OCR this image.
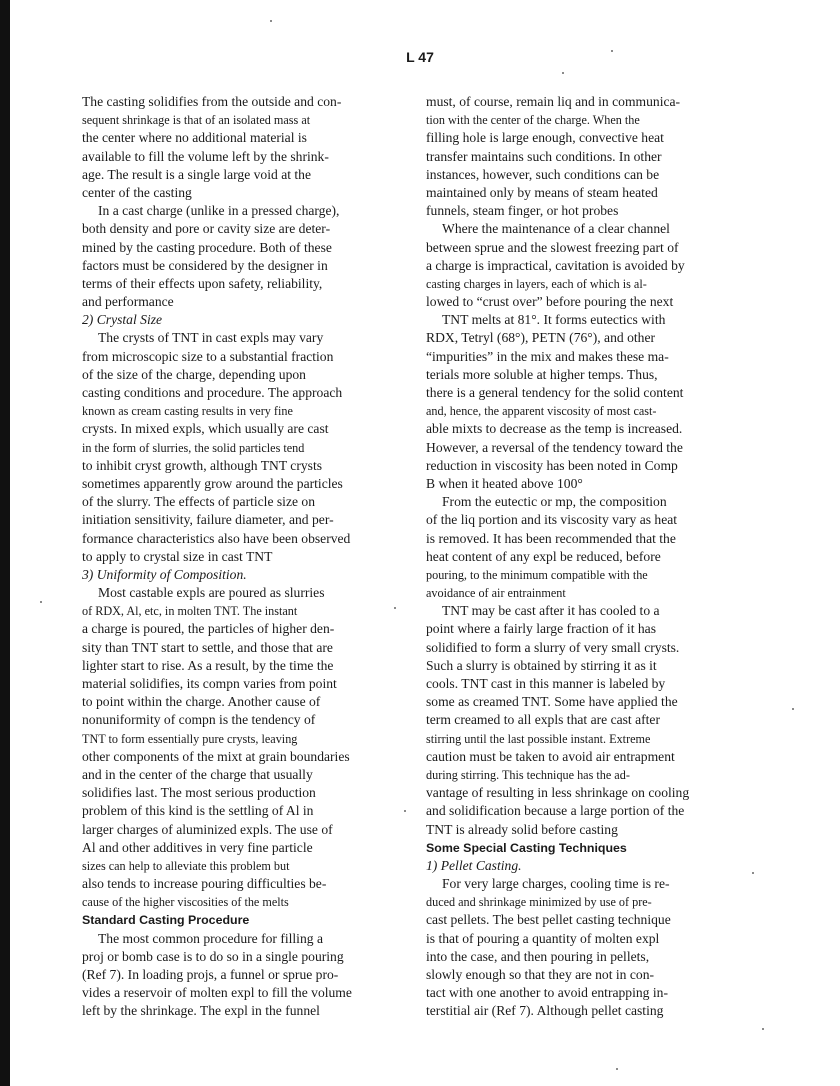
L 47
The casting solidifies from the outside and con-
sequent shrinkage is that of an isolated mass at
the center where no additional material is
available to fill the volume left by the shrink-
age. The result is a single large void at the
center of the casting
In a cast charge (unlike in a pressed charge),
both density and pore or cavity size are deter-
mined by the casting procedure. Both of these
factors must be considered by the designer in
terms of their effects upon safety, reliability,
and performance
2) Crystal Size
The crysts of TNT in cast expls may vary
from microscopic size to a substantial fraction
of the size of the charge, depending upon
casting conditions and procedure. The approach
known as cream casting results in very fine
crysts. In mixed expls, which usually are cast
in the form of slurries, the solid particles tend
to inhibit cryst growth, although TNT crysts
sometimes apparently grow around the particles
of the slurry. The effects of particle size on
initiation sensitivity, failure diameter, and per-
formance characteristics also have been observed
to apply to crystal size in cast TNT
3) Uniformity of Composition.
Most castable expls are poured as slurries
of RDX, Al, etc, in molten TNT. The instant
a charge is poured, the particles of higher den-
sity than TNT start to settle, and those that are
lighter start to rise. As a result, by the time the
material solidifies, its compn varies from point
to point within the charge. Another cause of
nonuniformity of compn is the tendency of
TNT to form essentially pure crysts, leaving
other components of the mixt at grain boundaries
and in the center of the charge that usually
solidifies last. The most serious production
problem of this kind is the settling of Al in
larger charges of aluminized expls. The use of
Al and other additives in very fine particle
sizes can help to alleviate this problem but
also tends to increase pouring difficulties be-
cause of the higher viscosities of the melts
Standard Casting Procedure
The most common procedure for filling a
proj or bomb case is to do so in a single pouring
(Ref 7). In loading projs, a funnel or sprue pro-
vides a reservoir of molten expl to fill the volume
left by the shrinkage. The expl in the funnel
must, of course, remain liq and in communica-
tion with the center of the charge. When the
filling hole is large enough, convective heat
transfer maintains such conditions. In other
instances, however, such conditions can be
maintained only by means of steam heated
funnels, steam finger, or hot probes
Where the maintenance of a clear channel
between sprue and the slowest freezing part of
a charge is impractical, cavitation is avoided by
casting charges in layers, each of which is al-
lowed to “crust over” before pouring the next
TNT melts at 81°. It forms eutectics with
RDX, Tetryl (68°), PETN (76°), and other
“impurities” in the mix and makes these ma-
terials more soluble at higher temps. Thus,
there is a general tendency for the solid content
and, hence, the apparent viscosity of most cast-
able mixts to decrease as the temp is increased.
However, a reversal of the tendency toward the
reduction in viscosity has been noted in Comp
B when it heated above 100°
From the eutectic or mp, the composition
of the liq portion and its viscosity vary as heat
is removed. It has been recommended that the
heat content of any expl be reduced, before
pouring, to the minimum compatible with the
avoidance of air entrainment
TNT may be cast after it has cooled to a
point where a fairly large fraction of it has
solidified to form a slurry of very small crysts.
Such a slurry is obtained by stirring it as it
cools. TNT cast in this manner is labeled by
some as creamed TNT. Some have applied the
term creamed to all expls that are cast after
stirring until the last possible instant. Extreme
caution must be taken to avoid air entrapment
during stirring. This technique has the ad-
vantage of resulting in less shrinkage on cooling
and solidification because a large portion of the
TNT is already solid before casting
Some Special Casting Techniques
1) Pellet Casting.
For very large charges, cooling time is re-
duced and shrinkage minimized by use of pre-
cast pellets. The best pellet casting technique
is that of pouring a quantity of molten expl
into the case, and then pouring in pellets,
slowly enough so that they are not in con-
tact with one another to avoid entrapping in-
terstitial air (Ref 7). Although pellet casting
